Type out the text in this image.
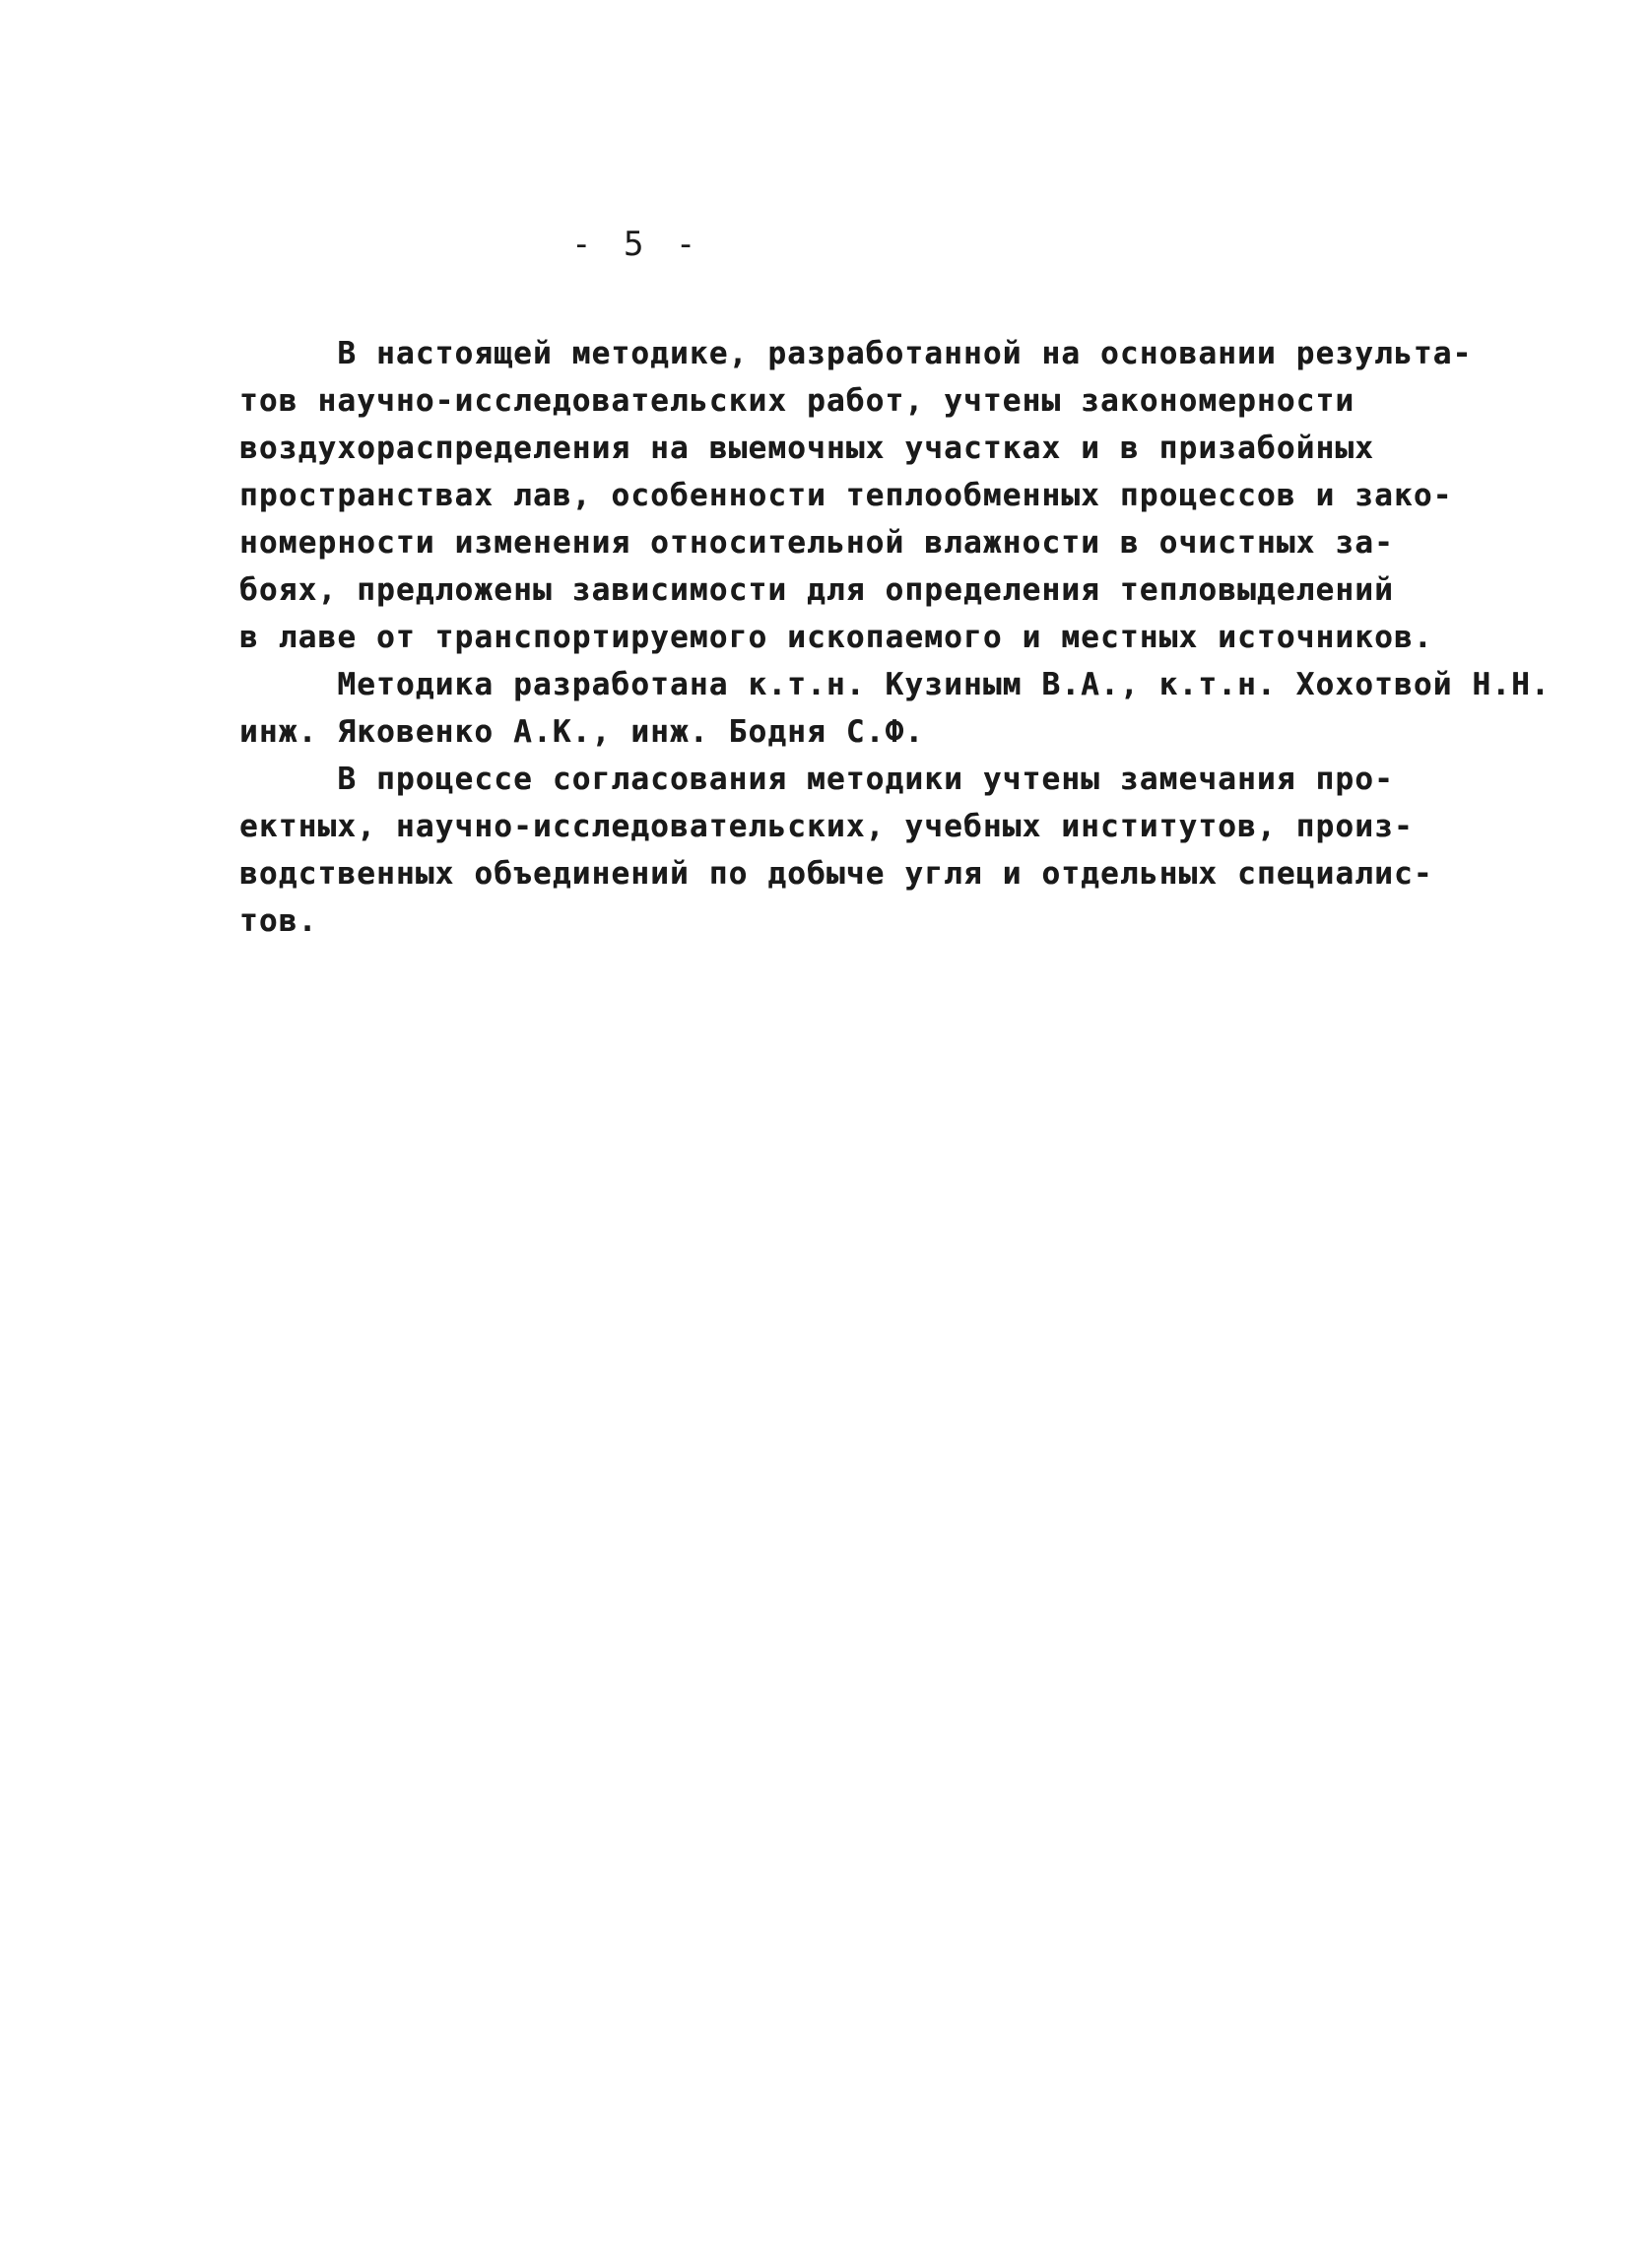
- 5 -
В настоящей методике, разработанной на основании результа-
тов научно-исследовательских работ, учтены закономерности
воздухораспределения на выемочных участках и в призабойных
пространствах лав, особенности теплообменных процессов и зако-
номерности изменения относительной влажности в очистных за-
боях, предложены зависимости для определения тепловыделений
в лаве от транспортируемого ископаемого и местных источников.
Методика разработана к.т.н. Кузиным В.А., к.т.н. Хохотвой Н.Н.
инж. Яковенко А.К., инж. Бодня С.Ф.
В процессе согласования методики учтены замечания про-
ектных, научно-исследовательских, учебных институтов, произ-
водственных объединений по добыче угля и отдельных специалис-
тов.
